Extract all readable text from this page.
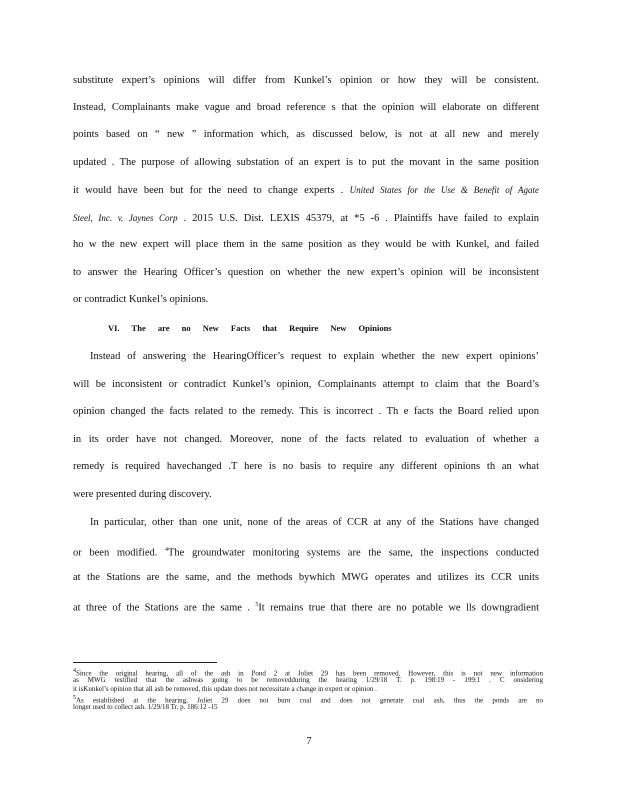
substitute expert’s opinions will differ from Kunkel’s opinion or how they will be consistent.
Instead, Complainants make vague and broad reference s that the opinion will elaborate on different
points based on “ new ” information which, as discussed below, is not at all new and merely
updated . The purpose of allowing substation of an expert is to put the movant in the same position
it would have been but for the need to change experts . United States for the Use & Benefit of Agate
Steel, Inc. v. Jaynes Corp . 2015 U.S. Dist. LEXIS 45379, at *5 -6 . Plaintiffs have failed to explain
ho w the new expert will place them in the same position as they would be with Kunkel, and failed
to answer the Hearing Officer’s question on whether the new expert’s opinion will be inconsistent
or contradict Kunkel’s opinions.
VI. The are no New Facts that Require New Opinions
Instead of answering the HearingOfficer’s request to explain whether the new expert opinions’
will be inconsistent or contradict Kunkel’s opinion, Complainants attempt to claim that the Board’s
opinion changed the facts related to the remedy. This is incorrect . Th e facts the Board relied upon
in its order have not changed. Moreover, none of the facts related to evaluation of whether a
remedy is required havechanged .T here is no basis to require any different opinions th an what
were presented during discovery.
In particular, other than one unit, none of the areas of CCR at any of the Stations have changed
or been modified. $^4$The groundwater monitoring systems are the same, the inspections conducted
at the Stations are the same, and the methods bywhich MWG operates and utilizes its CCR units
at three of the Stations are the same . $^5$It remains true that there are no potable we lls downgradient
$^4$Since the original hearing, all of the ash in Pond 2 at Joliet 29 has been removed. However, this is not new information
as MWG testified that the ashwas going to be removedduring the hearing 1/29/18 T. p. 198:19 - 199:1 . C onsidering
it isKunkel’s opinion that all ash be removed, this update does not necessitate a change in expert or opinion .
$^5$As established at the hearing, Joliet 29 does not burn coal and does not generate coal ash, thus the ponds are no
longer used to collect ash. 1/29/18 Tr. p. 186:12 -15
7
